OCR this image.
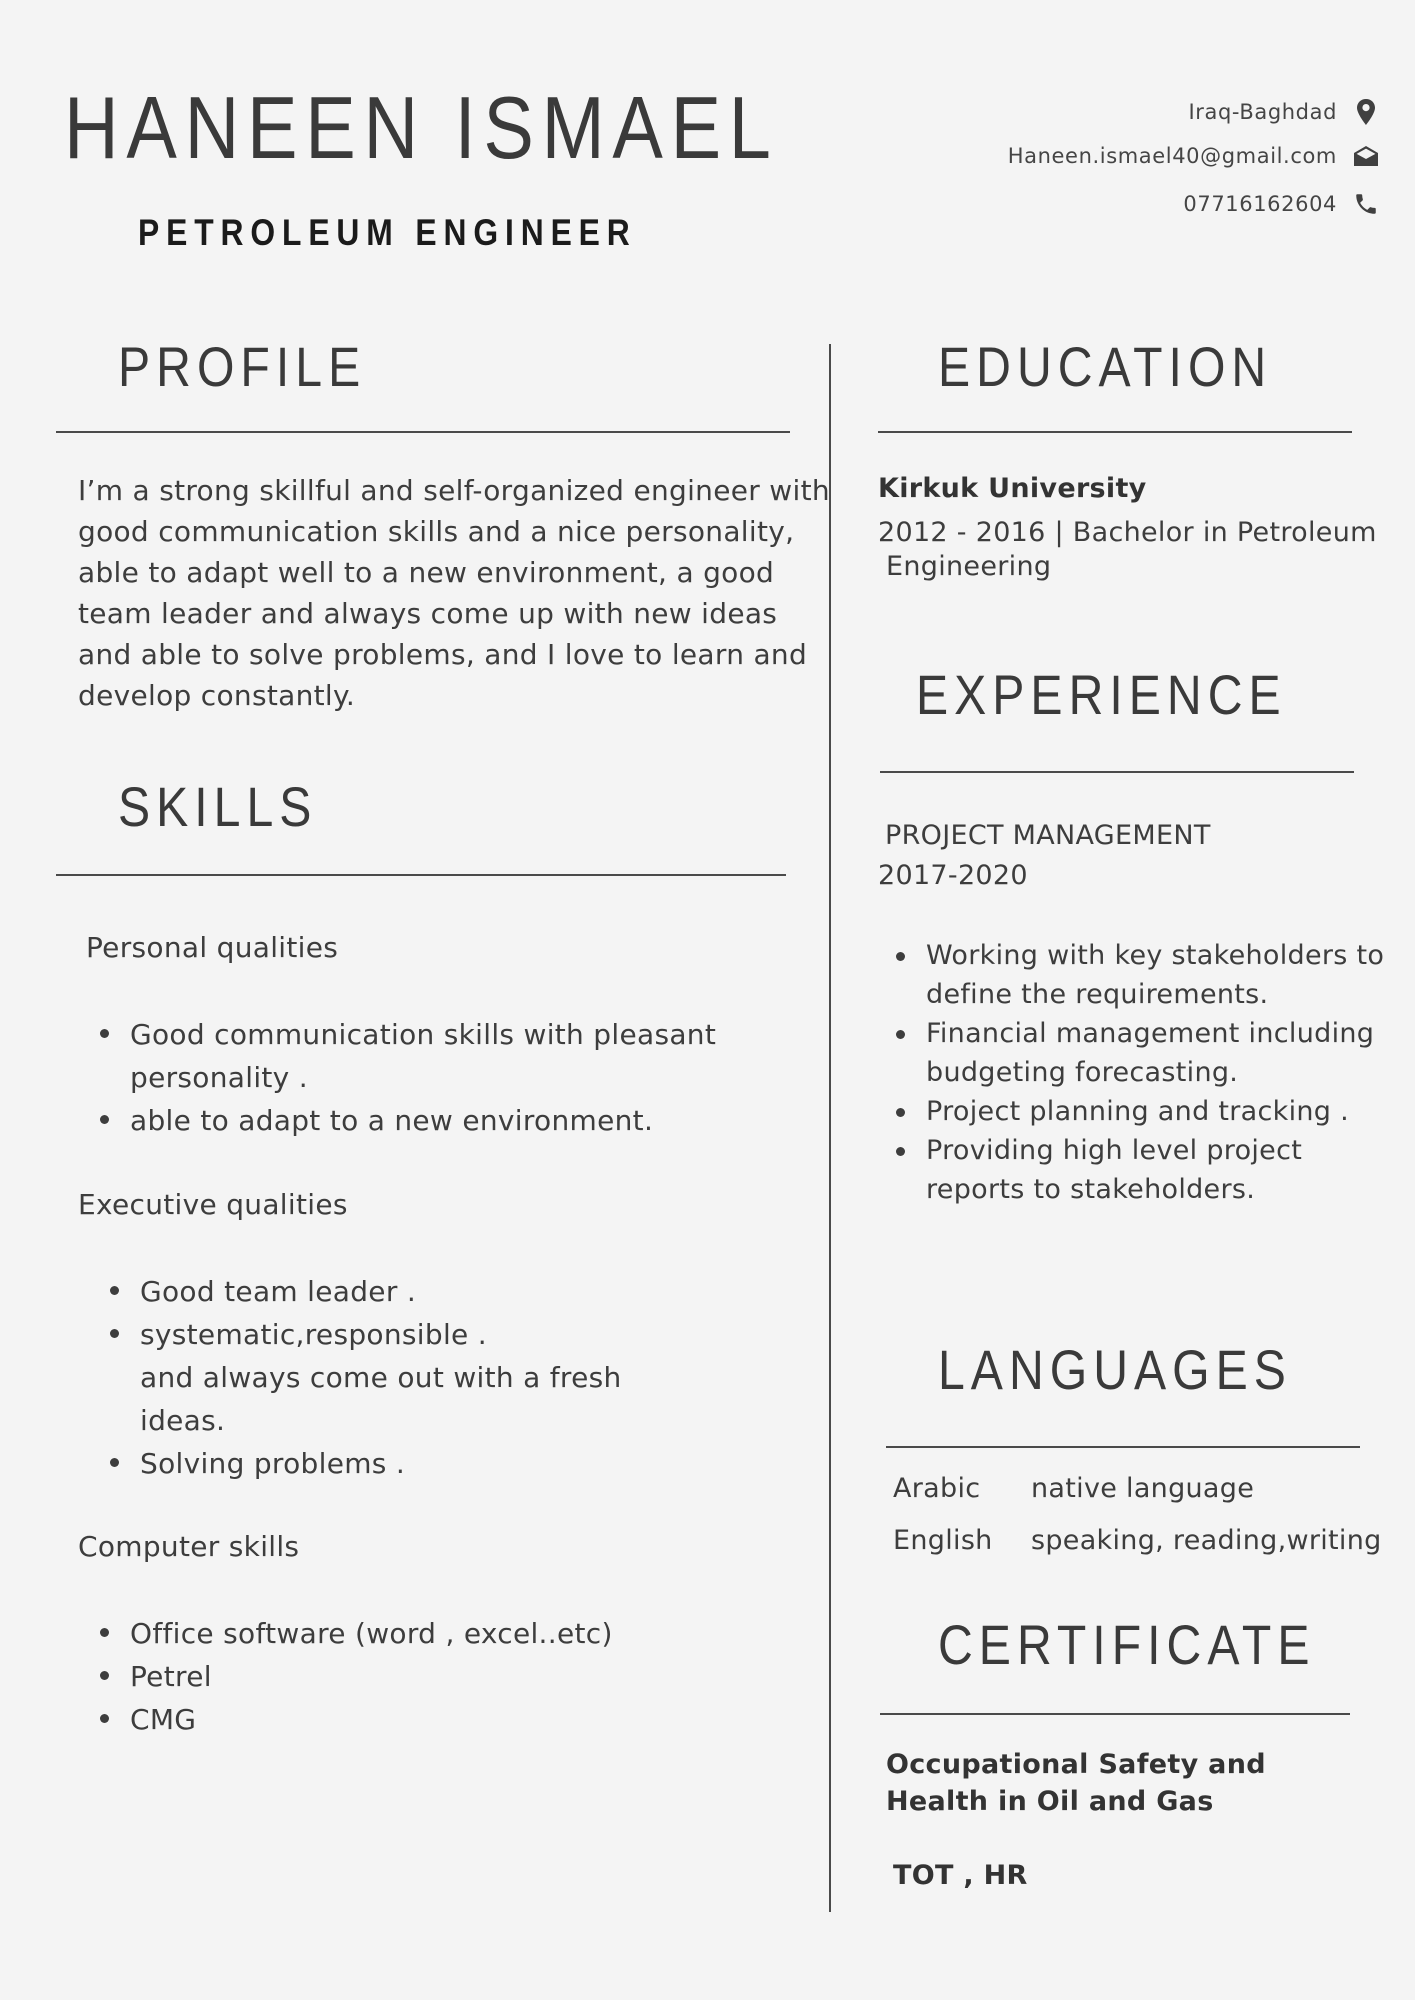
HANEEN ISMAEL
PETROLEUM ENGINEER
Iraq-Baghdad
Haneen.ismael40@gmail.com
07716162604
PROFILE

I’m a strong skillful and self-organized engineer with good communication skills and a nice personality, able to adapt well to a new environment, a good team leader and always come up with new ideas and able to solve problems, and I love to learn and develop constantly.

SKILLS
Personal qualities
Good communication skills with pleasant personality .
able to adapt to a new environment.
Executive qualities
Good team leader .
systematic,responsible .
and always come out with a fresh ideas.
Solving problems .
Computer skills
Office software (word , excel..etc)
Petrel
CMG
EDUCATION
Kirkuk University
2012 - 2016 | Bachelor in Petroleum
Engineering
EXPERIENCE
PROJECT MANAGEMENT
2017-2020
Working with key stakeholders to define the requirements.
Financial management including budgeting forecasting.
Project planning and tracking .
Providing high level project reports to stakeholders.
LANGUAGES
Arabic native language
English speaking, reading,writing
CERTIFICATE
Occupational Safety and Health in Oil and Gas
TOT , HR
